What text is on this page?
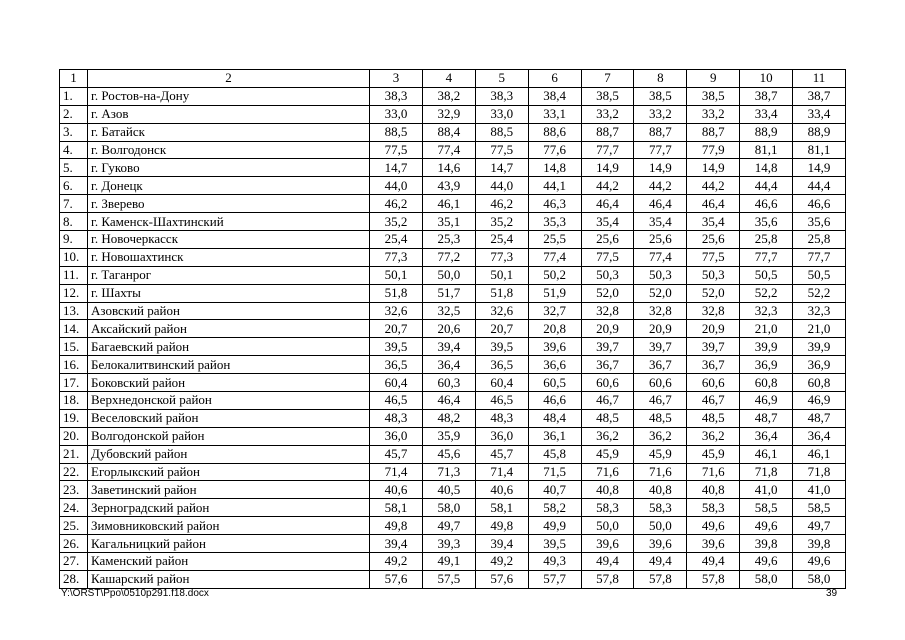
1	2	3	4	5	6	7	8	9	10	11
1.	г. Ростов-на-Дону	38,3	38,2	38,3	38,4	38,5	38,5	38,5	38,7	38,7
2.	г. Азов	33,0	32,9	33,0	33,1	33,2	33,2	33,2	33,4	33,4
3.	г. Батайск	88,5	88,4	88,5	88,6	88,7	88,7	88,7	88,9	88,9
4.	г. Волгодонск	77,5	77,4	77,5	77,6	77,7	77,7	77,9	81,1	81,1
5.	г. Гуково	14,7	14,6	14,7	14,8	14,9	14,9	14,9	14,8	14,9
6.	г. Донецк	44,0	43,9	44,0	44,1	44,2	44,2	44,2	44,4	44,4
7.	г. Зверево	46,2	46,1	46,2	46,3	46,4	46,4	46,4	46,6	46,6
8.	г. Каменск-Шахтинский	35,2	35,1	35,2	35,3	35,4	35,4	35,4	35,6	35,6
9.	г. Новочеркасск	25,4	25,3	25,4	25,5	25,6	25,6	25,6	25,8	25,8
10.	г. Новошахтинск	77,3	77,2	77,3	77,4	77,5	77,4	77,5	77,7	77,7
11.	г. Таганрог	50,1	50,0	50,1	50,2	50,3	50,3	50,3	50,5	50,5
12.	г. Шахты	51,8	51,7	51,8	51,9	52,0	52,0	52,0	52,2	52,2
13.	Азовский район	32,6	32,5	32,6	32,7	32,8	32,8	32,8	32,3	32,3
14.	Аксайский район	20,7	20,6	20,7	20,8	20,9	20,9	20,9	21,0	21,0
15.	Багаевский район	39,5	39,4	39,5	39,6	39,7	39,7	39,7	39,9	39,9
16.	Белокалитвинский район	36,5	36,4	36,5	36,6	36,7	36,7	36,7	36,9	36,9
17.	Боковский район	60,4	60,3	60,4	60,5	60,6	60,6	60,6	60,8	60,8
18.	Верхнедонской район	46,5	46,4	46,5	46,6	46,7	46,7	46,7	46,9	46,9
19.	Веселовский район	48,3	48,2	48,3	48,4	48,5	48,5	48,5	48,7	48,7
20.	Волгодонской район	36,0	35,9	36,0	36,1	36,2	36,2	36,2	36,4	36,4
21.	Дубовский район	45,7	45,6	45,7	45,8	45,9	45,9	45,9	46,1	46,1
22.	Егорлыкский район	71,4	71,3	71,4	71,5	71,6	71,6	71,6	71,8	71,8
23.	Заветинский район	40,6	40,5	40,6	40,7	40,8	40,8	40,8	41,0	41,0
24.	Зерноградский район	58,1	58,0	58,1	58,2	58,3	58,3	58,3	58,5	58,5
25.	Зимовниковский район	49,8	49,7	49,8	49,9	50,0	50,0	49,6	49,6	49,7
26.	Кагальницкий район	39,4	39,3	39,4	39,5	39,6	39,6	39,6	39,8	39,8
27.	Каменский район	49,2	49,1	49,2	49,3	49,4	49,4	49,4	49,6	49,6
28.	Кашарский район	57,6	57,5	57,6	57,7	57,8	57,8	57,8	58,0	58,0
Y:\ORST\Ppo\0510p291.f18.docx	39
